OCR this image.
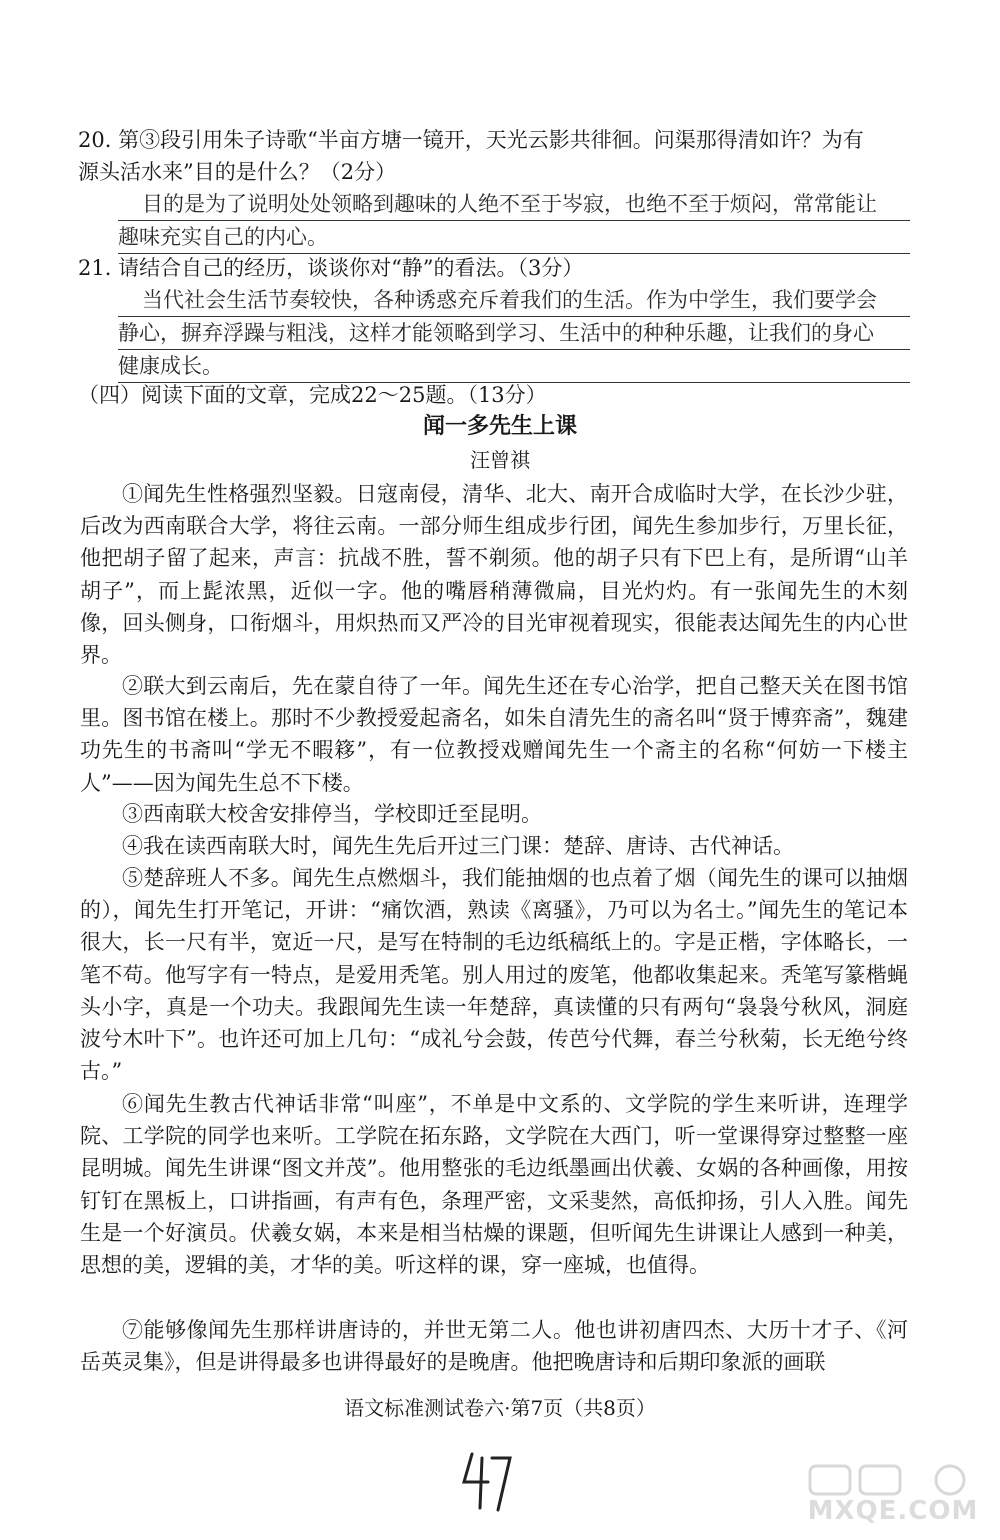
20. 第③段引用朱子诗歌“半亩方塘一镜开，天光云影共徘徊。问渠那得清如许？为有
源头活水来”目的是什么？（2分）
目的是为了说明处处领略到趣味的人绝不至于岑寂，也绝不至于烦闷，常常能让
趣味充实自己的内心。
21. 请结合自己的经历，谈谈你对“静”的看法。（3分）
当代社会生活节奏较快，各种诱惑充斥着我们的生活。作为中学生，我们要学会
静心，摒弃浮躁与粗浅，这样才能领略到学习、生活中的种种乐趣，让我们的身心
健康成长。
（四）阅读下面的文章，完成22～25题。（13分）
闻一多先生上课
汪曾祺
①闻先生性格强烈坚毅。日寇南侵，清华、北大、南开合成临时大学，在长沙少驻，后改为西南联合大学，将往云南。一部分师生组成步行团，闻先生参加步行，万里长征，他把胡子留了起来，声言：抗战不胜，誓不剃须。他的胡子只有下巴上有，是所谓“山羊胡子”，而上髭浓黑，近似一字。他的嘴唇稍薄微扁，目光灼灼。有一张闻先生的木刻像，回头侧身，口衔烟斗，用炽热而又严冷的目光审视着现实，很能表达闻先生的内心世界。
②联大到云南后，先在蒙自待了一年。闻先生还在专心治学，把自己整天关在图书馆里。图书馆在楼上。那时不少教授爱起斋名，如朱自清先生的斋名叫“贤于博弈斋”，魏建功先生的书斋叫“学无不暇簃”，有一位教授戏赠闻先生一个斋主的名称“何妨一下楼主人”——因为闻先生总不下楼。
③西南联大校舍安排停当，学校即迁至昆明。
④我在读西南联大时，闻先生先后开过三门课：楚辞、唐诗、古代神话。
⑤楚辞班人不多。闻先生点燃烟斗，我们能抽烟的也点着了烟（闻先生的课可以抽烟的），闻先生打开笔记，开讲：“痛饮酒，熟读《离骚》，乃可以为名士。”闻先生的笔记本很大，长一尺有半，宽近一尺，是写在特制的毛边纸稿纸上的。字是正楷，字体略长，一笔不苟。他写字有一特点，是爱用秃笔。别人用过的废笔，他都收集起来。秃笔写篆楷蝇头小字，真是一个功夫。我跟闻先生读一年楚辞，真读懂的只有两句“袅袅兮秋风，洞庭波兮木叶下”。也许还可加上几句：“成礼兮会鼓，传芭兮代舞，春兰兮秋菊，长无绝兮终古。”
⑥闻先生教古代神话非常“叫座”，不单是中文系的、文学院的学生来听讲，连理学院、工学院的同学也来听。工学院在拓东路，文学院在大西门，听一堂课得穿过整整一座昆明城。闻先生讲课“图文并茂”。他用整张的毛边纸墨画出伏羲、女娲的各种画像，用按钉钉在黑板上，口讲指画，有声有色，条理严密，文采斐然，高低抑扬，引人入胜。闻先生是一个好演员。伏羲女娲，本来是相当枯燥的课题，但听闻先生讲课让人感到一种美，思想的美，逻辑的美，才华的美。听这样的课，穿一座城，也值得。
⑦能够像闻先生那样讲唐诗的，并世无第二人。他也讲初唐四杰、大历十才子、《河岳英灵集》，但是讲得最多也讲得最好的是晚唐。他把晚唐诗和后期印象派的画联
语文标准测试卷六·第7页（共8页）
MXQE.COM
